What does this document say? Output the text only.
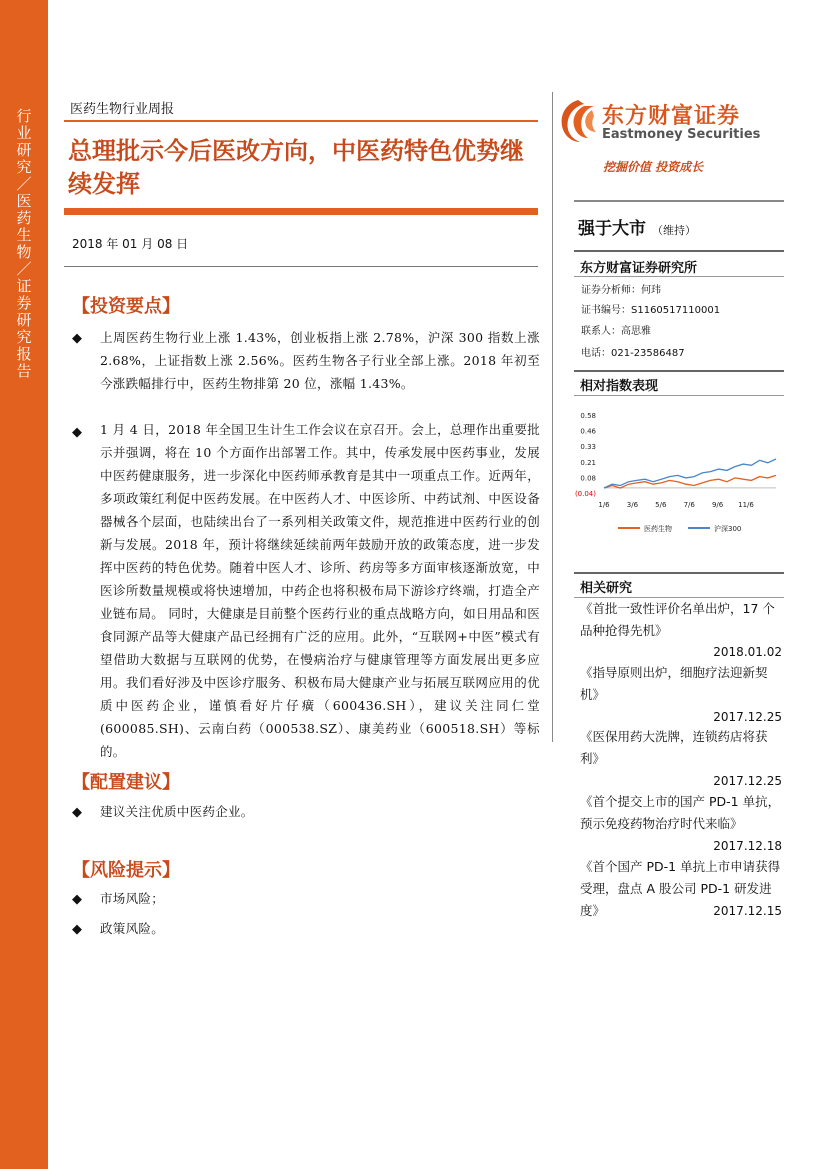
行业研究／医药生物／证券研究报告
医药生物行业周报
总理批示今后医改方向，中医药特色优势继续发挥
2018 年 01 月 08 日
【投资要点】
◆ 上周医药生物行业上涨 1.43%，创业板指上涨 2.78%，沪深 300 指数上涨 2.68%，上证指数上涨 2.56%。医药生物各子行业全部上涨。2018 年初至今涨跌幅排行中，医药生物排第 20 位，涨幅 1.43%。
◆ 1 月 4 日，2018 年全国卫生计生工作会议在京召开。会上，总理作出重要批示并强调，将在 10 个方面作出部署工作。其中，传承发展中医药事业，发展中医药健康服务，进一步深化中医药师承教育是其中一项重点工作。近两年，多项政策红利促中医药发展。在中医药人才、中医诊所、中药试剂、中医设备器械各个层面，也陆续出台了一系列相关政策文件，规范推进中医药行业的创新与发展。2018 年，预计将继续延续前两年鼓励开放的政策态度，进一步发挥中医药的特色优势。随着中医人才、诊所、药房等多方面审核逐渐放宽，中医诊所数量规模或将快速增加，中药企也将积极布局下游诊疗终端，打造全产业链布局。 同时，大健康是目前整个医药行业的重点战略方向，如日用品和医食同源产品等大健康产品已经拥有广泛的应用。此外，“互联网+中医”模式有望借助大数据与互联网的优势，在慢病治疗与健康管理等方面发展出更多应用。我们看好涉及中医诊疗服务、积极布局大健康产业与拓展互联网应用的优质中医药企业，谨慎看好片仔癀（600436.SH），建议关注同仁堂(600085.SH)、云南白药（000538.SZ）、康美药业（600518.SH）等标的。
【配置建议】
◆ 建议关注优质中医药企业。
【风险提示】
◆ 市场风险；
◆ 政策风险。
东方财富证券
Eastmoney Securities
挖掘价值 投资成长
强于大市 （维持）
东方财富证券研究所
证券分析师：何玮
证书编号：S1160517110001
联系人：高思雅
电话：021-23586487
相对指数表现
0.58
0.46
0.33
0.21
0.08
(0.04)
1/6 3/6 5/6 7/6 9/6 11/6
医药生物	沪深300
相关研究
《首批一致性评价名单出炉，17 个品种抢得先机》
2018.01.02
《指导原则出炉，细胞疗法迎新契机》
2017.12.25
《医保用药大洗牌，连锁药店将获利》
2017.12.25
《首个提交上市的国产 PD-1 单抗，预示免疫药物治疗时代来临》
2017.12.18
《首个国产 PD-1 单抗上市申请获得受理，盘点 A 股公司 PD-1 研发进度》	2017.12.15
